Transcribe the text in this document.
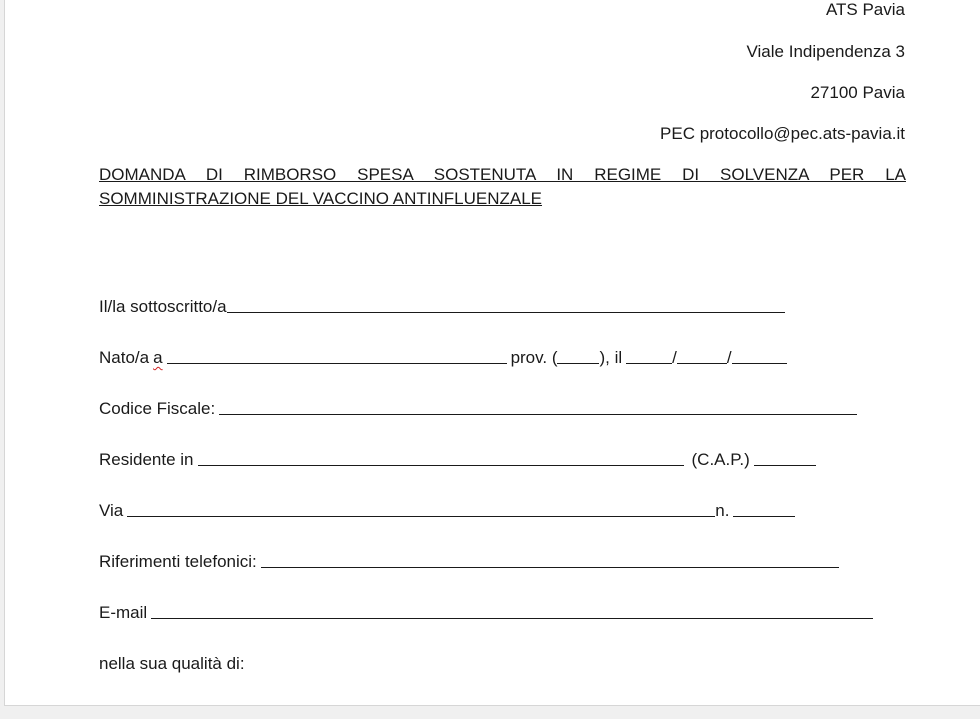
ATS Pavia
Viale Indipendenza 3
27100 Pavia
PEC protocollo@pec.ats-pavia.it
DOMANDA DI RIMBORSO SPESA SOSTENUTA IN REGIME DI SOLVENZA PER LA SOMMINISTRAZIONE DEL VACCINO ANTINFLUENZALE
Il/la sottoscritto/a
Nato/a a	prov. ( ), il	/	/
Codice Fiscale:
Residente in	(C.A.P.)
Via	n.
Riferimenti telefonici:
E-mail
nella sua qualità di:
